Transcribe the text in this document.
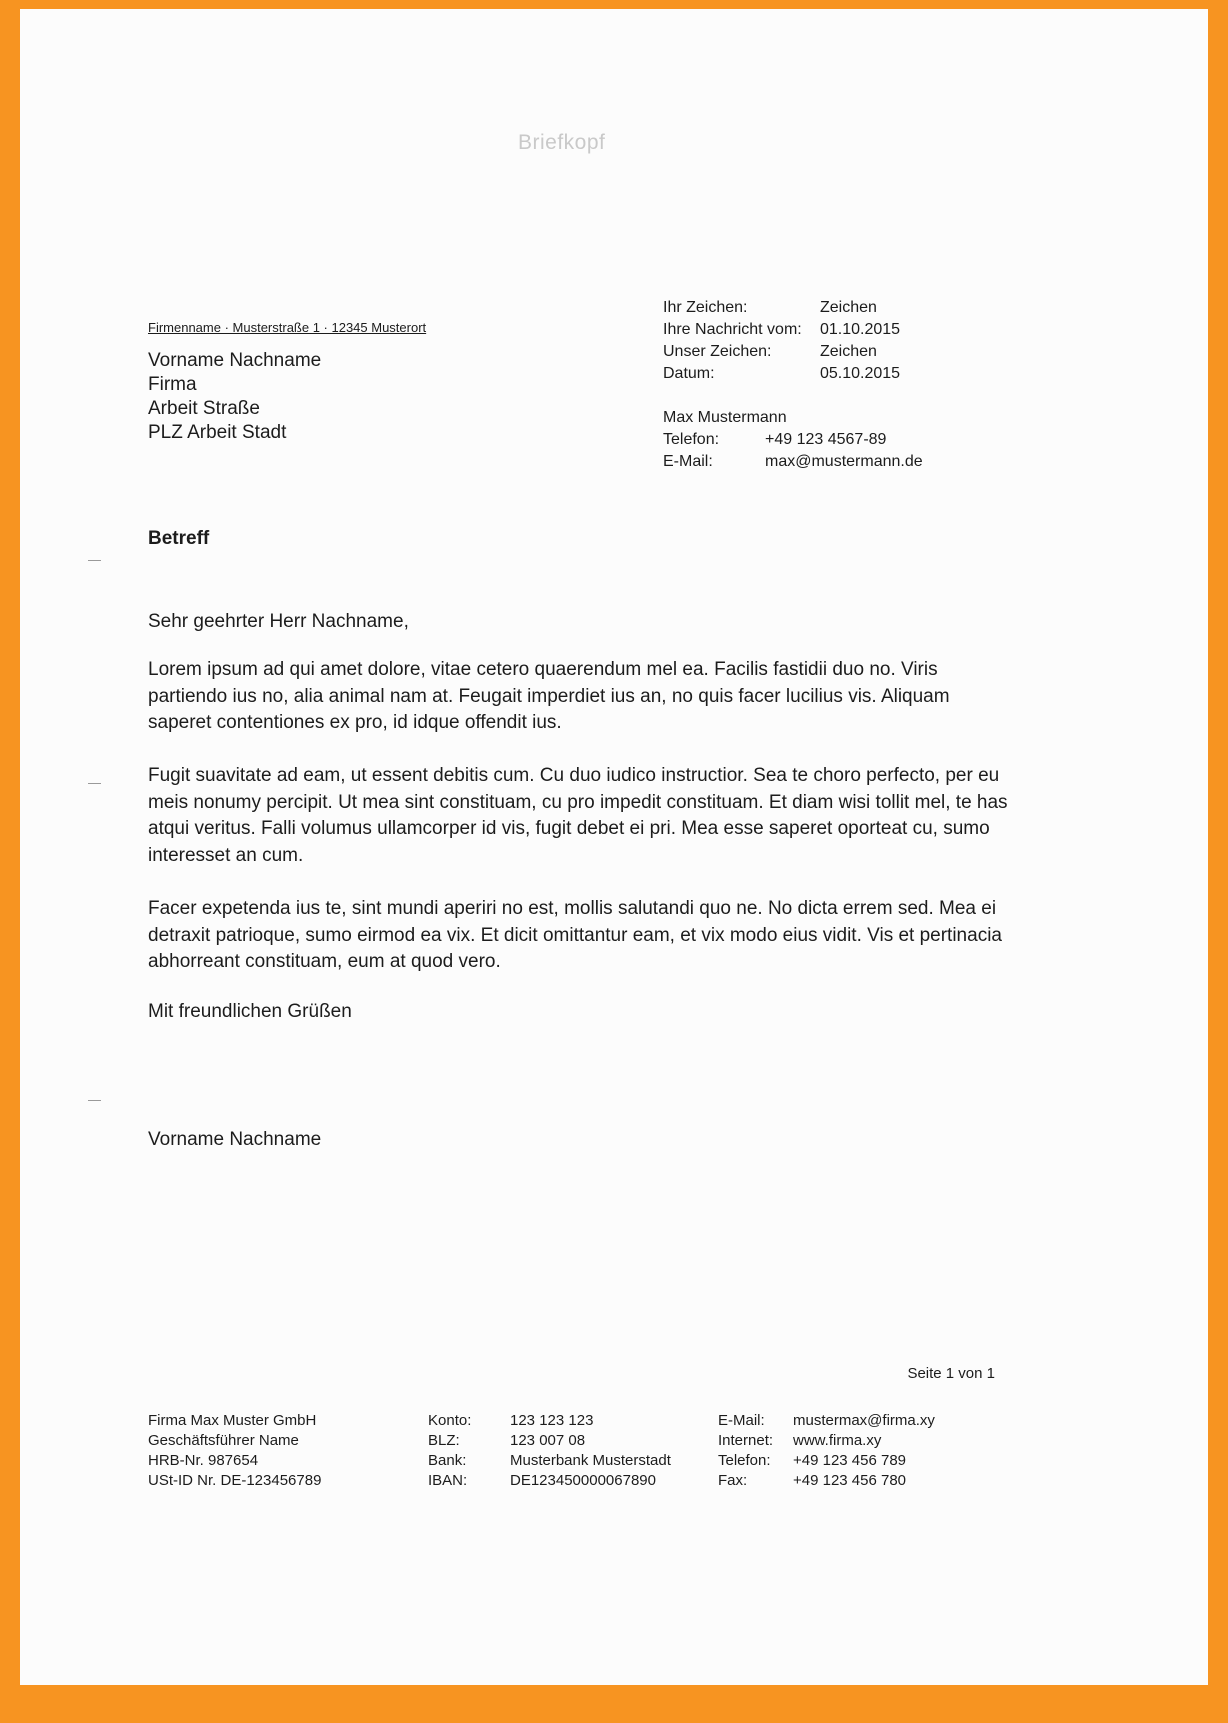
Briefkopf
Firmenname · Musterstraße 1 · 12345 Musterort
Vorname Nachname
Firma
Arbeit Straße
PLZ Arbeit Stadt
Ihr Zeichen:	Zeichen
Ihre Nachricht vom:	01.10.2015
Unser Zeichen:	Zeichen
Datum:	05.10.2015
Max Mustermann
Telefon:	+49 123 4567-89
E-Mail:	max@mustermann.de
Betreff
Sehr geehrter Herr Nachname,
Lorem ipsum ad qui amet dolore, vitae cetero quaerendum mel ea. Facilis fastidii duo no. Viris partiendo ius no, alia animal nam at. Feugait imperdiet ius an, no quis facer lucilius vis. Aliquam saperet contentiones ex pro, id idque offendit ius.
Fugit suavitate ad eam, ut essent debitis cum. Cu duo iudico instructior. Sea te choro perfecto, per eu meis nonumy percipit. Ut mea sint constituam, cu pro impedit constituam. Et diam wisi tollit mel, te has atqui veritus. Falli volumus ullamcorper id vis, fugit debet ei pri. Mea esse saperet oporteat cu, sumo interesset an cum.
Facer expetenda ius te, sint mundi aperiri no est, mollis salutandi quo ne. No dicta errem sed. Mea ei detraxit patrioque, sumo eirmod ea vix. Et dicit omittantur eam, et vix modo eius vidit. Vis et pertinacia abhorreant constituam, eum at quod vero.
Mit freundlichen Grüßen
Vorname Nachname
Seite 1 von 1
Firma Max Muster GmbH
Geschäftsführer Name
HRB-Nr. 987654
USt-ID Nr. DE-123456789
Konto:	123 123 123
BLZ:	123 007 08
Bank:	Musterbank Musterstadt
IBAN:	DE123450000067890
E-Mail:	mustermax@firma.xy
Internet:	www.firma.xy
Telefon:	+49 123 456 789
Fax:	+49 123 456 780
